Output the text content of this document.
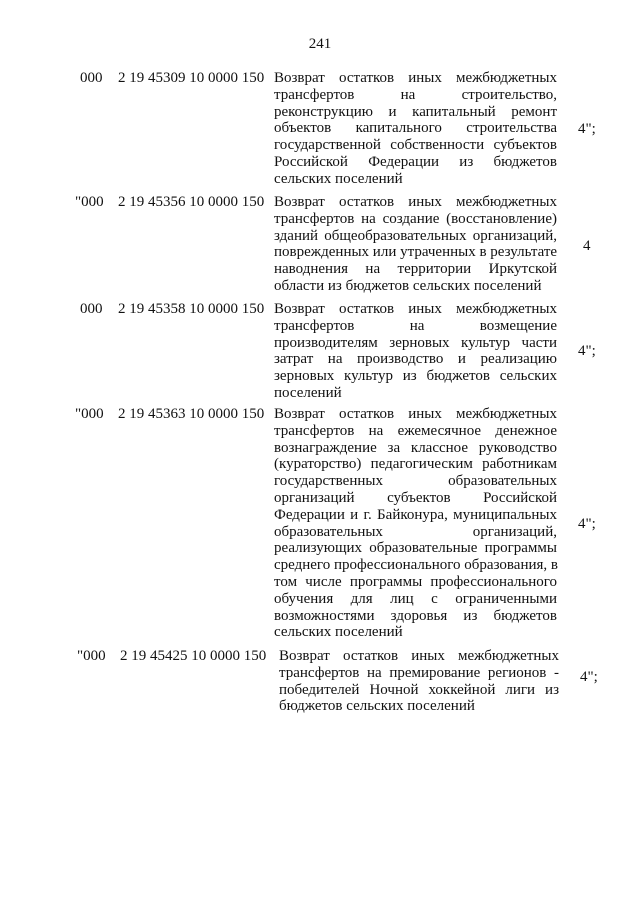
241
000 2 19 45309 10 0000 150 Возврат остатков иных межбюджетных
трансфертов на строительство,
реконструкцию и капитальный ремонт
объектов капитального строительства
государственной собственности субъектов
Российской Федерации из бюджетов
сельских поселений
4";
"000 2 19 45356 10 0000 150 Возврат остатков иных межбюджетных
трансфертов на создание (восстановление)
зданий общеобразовательных организаций,
поврежденных или утраченных в результате
наводнения на территории Иркутской
области из бюджетов сельских поселений
4
000 2 19 45358 10 0000 150 Возврат остатков иных межбюджетных
трансфертов на возмещение
производителям зерновых культур части
затрат на производство и реализацию
зерновых культур из бюджетов сельских
поселений
4";
"000 2 19 45363 10 0000 150 Возврат остатков иных межбюджетных
трансфертов на ежемесячное денежное
вознаграждение за классное руководство
(кураторство) педагогическим работникам
государственных образовательных
организаций субъектов Российской
Федерации и г. Байконура, муниципальных
образовательных организаций,
реализующих образовательные программы
среднего профессионального образования, в
том числе программы профессионального
обучения для лиц с ограниченными
возможностями здоровья из бюджетов
сельских поселений
4";
"000 2 19 45425 10 0000 150 Возврат остатков иных межбюджетных
трансфертов на премирование регионов -
победителей Ночной хоккейной лиги из
бюджетов сельских поселений
4";
